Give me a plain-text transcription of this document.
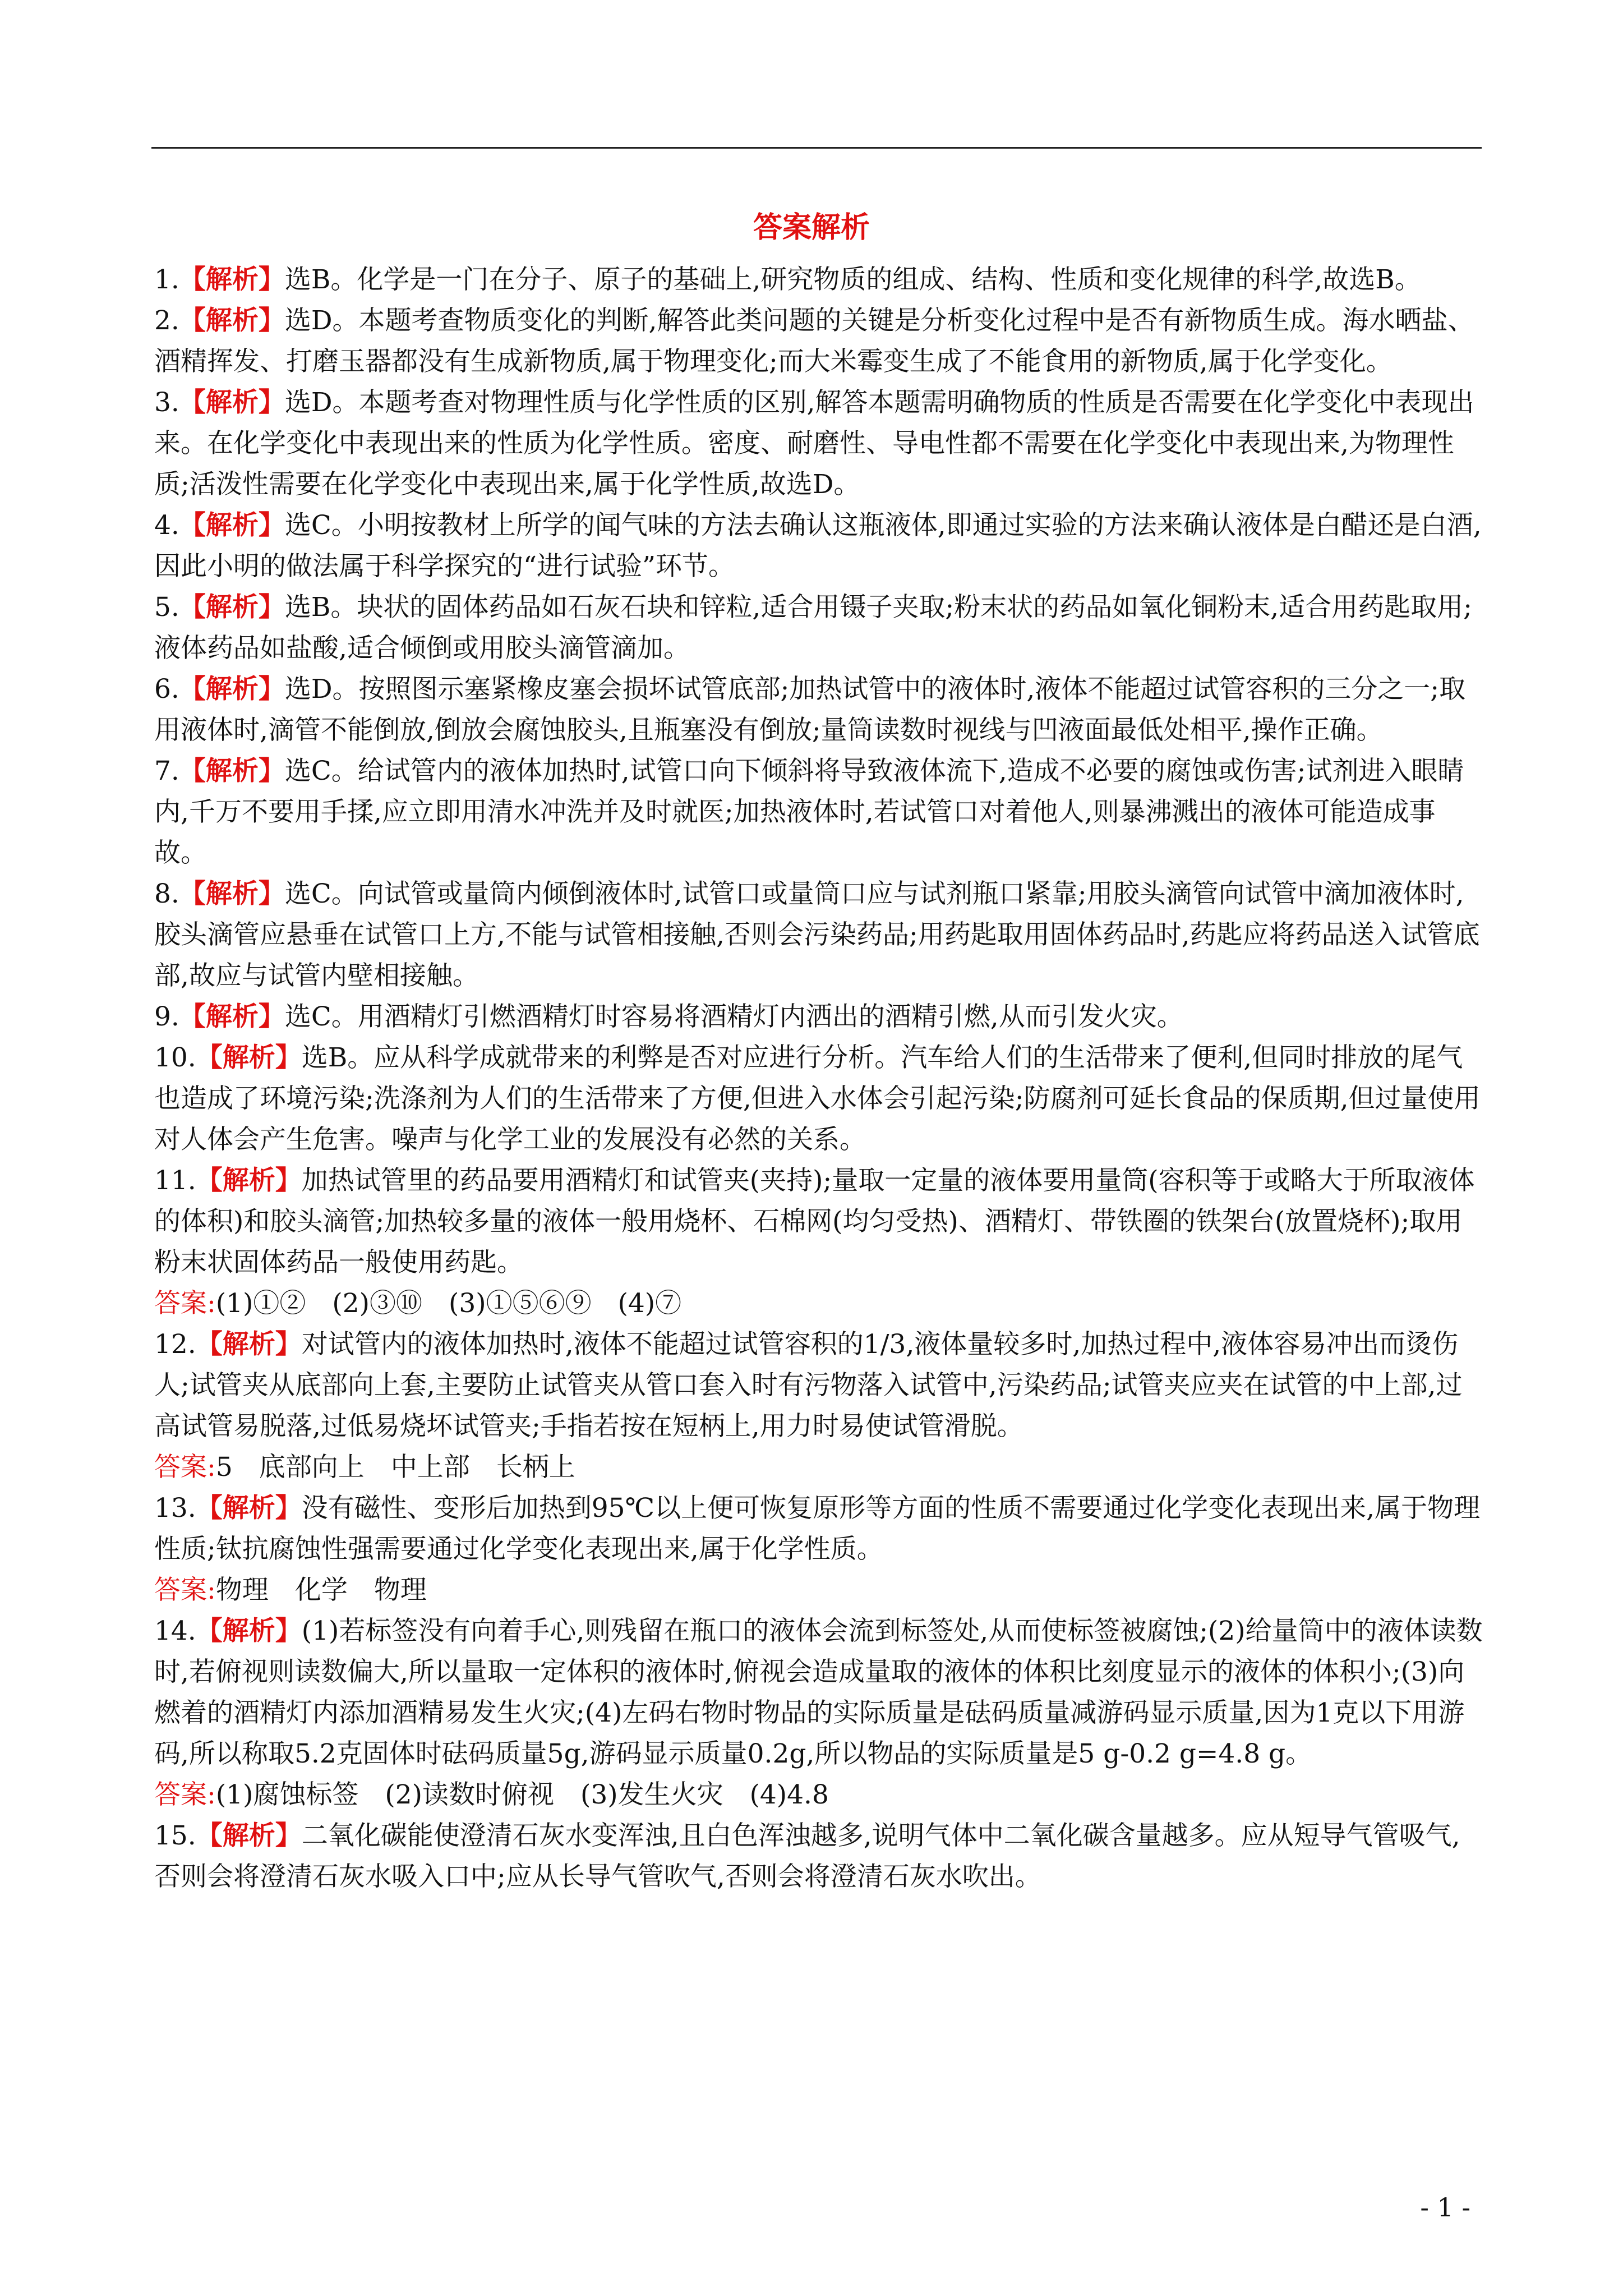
答案解析
1.【解析】选B。化学是一门在分子、原子的基础上,研究物质的组成、结构、性质和变化规律的科学,故选B。
2.【解析】选D。本题考查物质变化的判断,解答此类问题的关键是分析变化过程中是否有新物质生成。海水晒盐、酒精挥发、打磨玉器都没有生成新物质,属于物理变化;而大米霉变生成了不能食用的新物质,属于化学变化。
3.【解析】选D。本题考查对物理性质与化学性质的区别,解答本题需明确物质的性质是否需要在化学变化中表现出来。在化学变化中表现出来的性质为化学性质。密度、耐磨性、导电性都不需要在化学变化中表现出来,为物理性质;活泼性需要在化学变化中表现出来,属于化学性质,故选D。
4.【解析】选C。小明按教材上所学的闻气味的方法去确认这瓶液体,即通过实验的方法来确认液体是白醋还是白酒,因此小明的做法属于科学探究的“进行试验”环节。
5.【解析】选B。块状的固体药品如石灰石块和锌粒,适合用镊子夹取;粉末状的药品如氧化铜粉末,适合用药匙取用;液体药品如盐酸,适合倾倒或用胶头滴管滴加。
6.【解析】选D。按照图示塞紧橡皮塞会损坏试管底部;加热试管中的液体时,液体不能超过试管容积的三分之一;取用液体时,滴管不能倒放,倒放会腐蚀胶头,且瓶塞没有倒放;量筒读数时视线与凹液面最低处相平,操作正确。
7.【解析】选C。给试管内的液体加热时,试管口向下倾斜将导致液体流下,造成不必要的腐蚀或伤害;试剂进入眼睛内,千万不要用手揉,应立即用清水冲洗并及时就医;加热液体时,若试管口对着他人,则暴沸溅出的液体可能造成事故。
8.【解析】选C。向试管或量筒内倾倒液体时,试管口或量筒口应与试剂瓶口紧靠;用胶头滴管向试管中滴加液体时,胶头滴管应悬垂在试管口上方,不能与试管相接触,否则会污染药品;用药匙取用固体药品时,药匙应将药品送入试管底部,故应与试管内壁相接触。
9.【解析】选C。用酒精灯引燃酒精灯时容易将酒精灯内洒出的酒精引燃,从而引发火灾。
10.【解析】选B。应从科学成就带来的利弊是否对应进行分析。汽车给人们的生活带来了便利,但同时排放的尾气也造成了环境污染;洗涤剂为人们的生活带来了方便,但进入水体会引起污染;防腐剂可延长食品的保质期,但过量使用对人体会产生危害。噪声与化学工业的发展没有必然的关系。
11.【解析】加热试管里的药品要用酒精灯和试管夹(夹持);量取一定量的液体要用量筒(容积等于或略大于所取液体的体积)和胶头滴管;加热较多量的液体一般用烧杯、石棉网(均匀受热)、酒精灯、带铁圈的铁架台(放置烧杯);取用粉末状固体药品一般使用药匙。
答案:(1)①②　(2)③⑩　(3)①⑤⑥⑨　(4)⑦
12.【解析】对试管内的液体加热时,液体不能超过试管容积的1/3,液体量较多时,加热过程中,液体容易冲出而烫伤人;试管夹从底部向上套,主要防止试管夹从管口套入时有污物落入试管中,污染药品;试管夹应夹在试管的中上部,过高试管易脱落,过低易烧坏试管夹;手指若按在短柄上,用力时易使试管滑脱。
答案:5　底部向上　中上部　长柄上
13.【解析】没有磁性、变形后加热到95℃以上便可恢复原形等方面的性质不需要通过化学变化表现出来,属于物理性质;钛抗腐蚀性强需要通过化学变化表现出来,属于化学性质。
答案:物理　化学　物理
14.【解析】(1)若标签没有向着手心,则残留在瓶口的液体会流到标签处,从而使标签被腐蚀;(2)给量筒中的液体读数时,若俯视则读数偏大,所以量取一定体积的液体时,俯视会造成量取的液体的体积比刻度显示的液体的体积小;(3)向燃着的酒精灯内添加酒精易发生火灾;(4)左码右物时物品的实际质量是砝码质量减游码显示质量,因为1克以下用游码,所以称取5.2克固体时砝码质量5g,游码显示质量0.2g,所以物品的实际质量是5 g-0.2 g=4.8 g。
答案:(1)腐蚀标签　(2)读数时俯视　(3)发生火灾　(4)4.8
15.【解析】二氧化碳能使澄清石灰水变浑浊,且白色浑浊越多,说明气体中二氧化碳含量越多。应从短导气管吸气,否则会将澄清石灰水吸入口中;应从长导气管吹气,否则会将澄清石灰水吹出。
- 1 -
